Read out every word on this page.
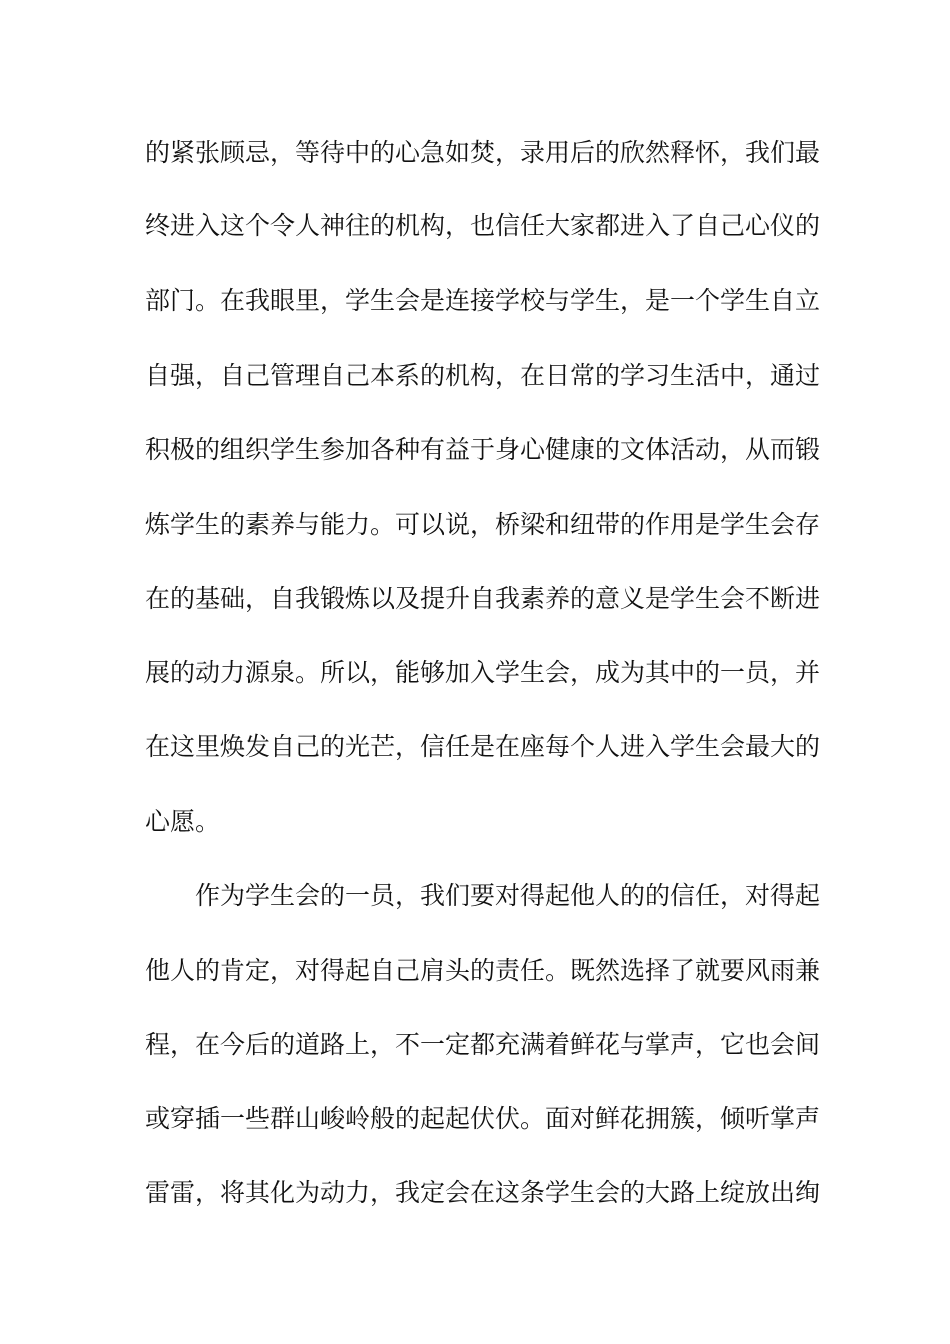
的紧张顾忌，等待中的心急如焚，录用后的欣然释怀，我们最
终进入这个令人神往的机构，也信任大家都进入了自己心仪的
部门。在我眼里，学生会是连接学校与学生，是一个学生自立
自强，自己管理自己本系的机构，在日常的学习生活中，通过
积极的组织学生参加各种有益于身心健康的文体活动，从而锻
炼学生的素养与能力。可以说，桥梁和纽带的作用是学生会存
在的基础，自我锻炼以及提升自我素养的意义是学生会不断进
展的动力源泉。所以，能够加入学生会，成为其中的一员，并
在这里焕发自己的光芒，信任是在座每个人进入学生会最大的
心愿。
作为学生会的一员，我们要对得起他人的的信任，对得起
他人的肯定，对得起自己肩头的责任。既然选择了就要风雨兼
程，在今后的道路上，不一定都充满着鲜花与掌声，它也会间
或穿插一些群山峻岭般的起起伏伏。面对鲜花拥簇，倾听掌声
雷雷，将其化为动力，我定会在这条学生会的大路上绽放出绚
